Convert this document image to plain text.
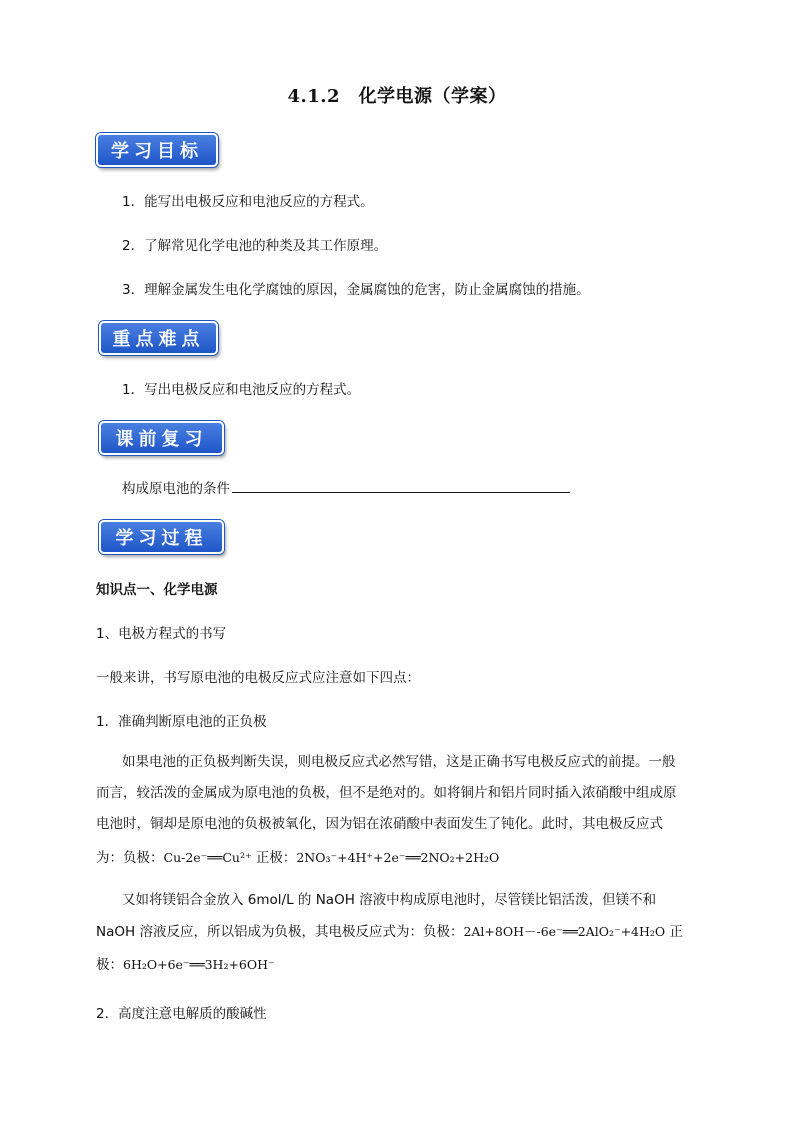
4.1.2　化学电源（学案）
学习目标
1．能写出电极反应和电池反应的方程式。
2．了解常见化学电池的种类及其工作原理。
3．理解金属发生电化学腐蚀的原因，金属腐蚀的危害，防止金属腐蚀的措施。
重点难点
1．写出电极反应和电池反应的方程式。
课前复习
构成原电池的条件
学习过程
知识点一、化学电源
1、电极方程式的书写
一般来讲，书写原电池的电极反应式应注意如下四点：
1．准确判断原电池的正负极
如果电池的正负极判断失误，则电极反应式必然写错，这是正确书写电极反应式的前提。一般
而言，较活泼的金属成为原电池的负极，但不是绝对的。如将铜片和铝片同时插入浓硝酸中组成原
电池时，铜却是原电池的负极被氧化，因为铝在浓硝酸中表面发生了钝化。此时，其电极反应式
为：负极：Cu-2e⁻══Cu²⁺ 正极：2NO₃⁻+4H⁺+2e⁻══2NO₂+2H₂O
又如将镁铝合金放入 6mol/L 的 NaOH 溶液中构成原电池时，尽管镁比铝活泼，但镁不和
NaOH 溶液反应，所以铝成为负极，其电极反应式为：负极：2Al+8OH－-6e⁻══2AlO₂⁻+4H₂O 正
极：6H₂O+6e⁻══3H₂+6OH⁻
2．高度注意电解质的酸碱性
